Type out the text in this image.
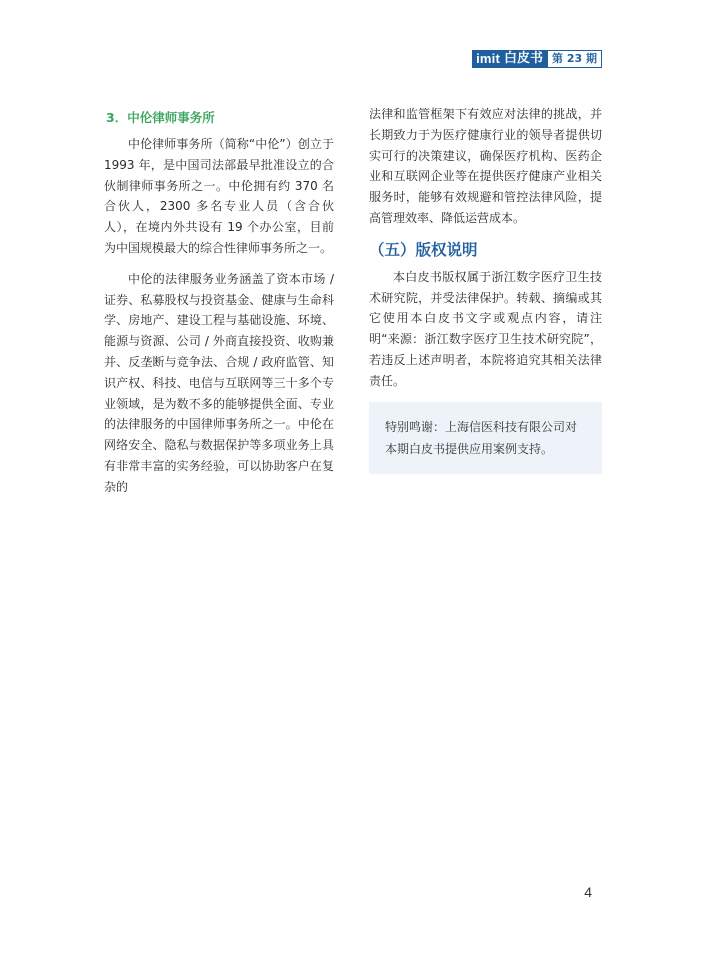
imit 白皮书 第 23 期
3．中伦律师事务所

中伦律师事务所（简称“中伦”）创立于 1993 年，是中国司法部最早批准设立的合伙制律师事务所之一。中伦拥有约 370 名合伙人，2300 多名专业人员（含合伙人），在境内外共设有 19 个办公室，目前为中国规模最大的综合性律师事务所之一。

中伦的法律服务业务涵盖了资本市场 / 证券、私募股权与投资基金、健康与生命科学、房地产、建设工程与基础设施、环境、能源与资源、公司 / 外商直接投资、收购兼并、反垄断与竞争法、合规 / 政府监管、知识产权、科技、电信与互联网等三十多个专业领域，是为数不多的能够提供全面、专业的法律服务的中国律师事务所之一。中伦在网络安全、隐私与数据保护等多项业务上具有非常丰富的实务经验，可以协助客户在复杂的

法律和监管框架下有效应对法律的挑战，并长期致力于为医疗健康行业的领导者提供切实可行的决策建议，确保医疗机构、医药企业和互联网企业等在提供医疗健康产业相关服务时，能够有效规避和管控法律风险，提高管理效率、降低运营成本。

（五）版权说明

本白皮书版权属于浙江数字医疗卫生技术研究院，并受法律保护。转载、摘编或其它使用本白皮书文字或观点内容，请注明“来源：浙江数字医疗卫生技术研究院”，若违反上述声明者，本院将追究其相关法律责任。

特别鸣谢：上海信医科技有限公司对
本期白皮书提供应用案例支持。
4
